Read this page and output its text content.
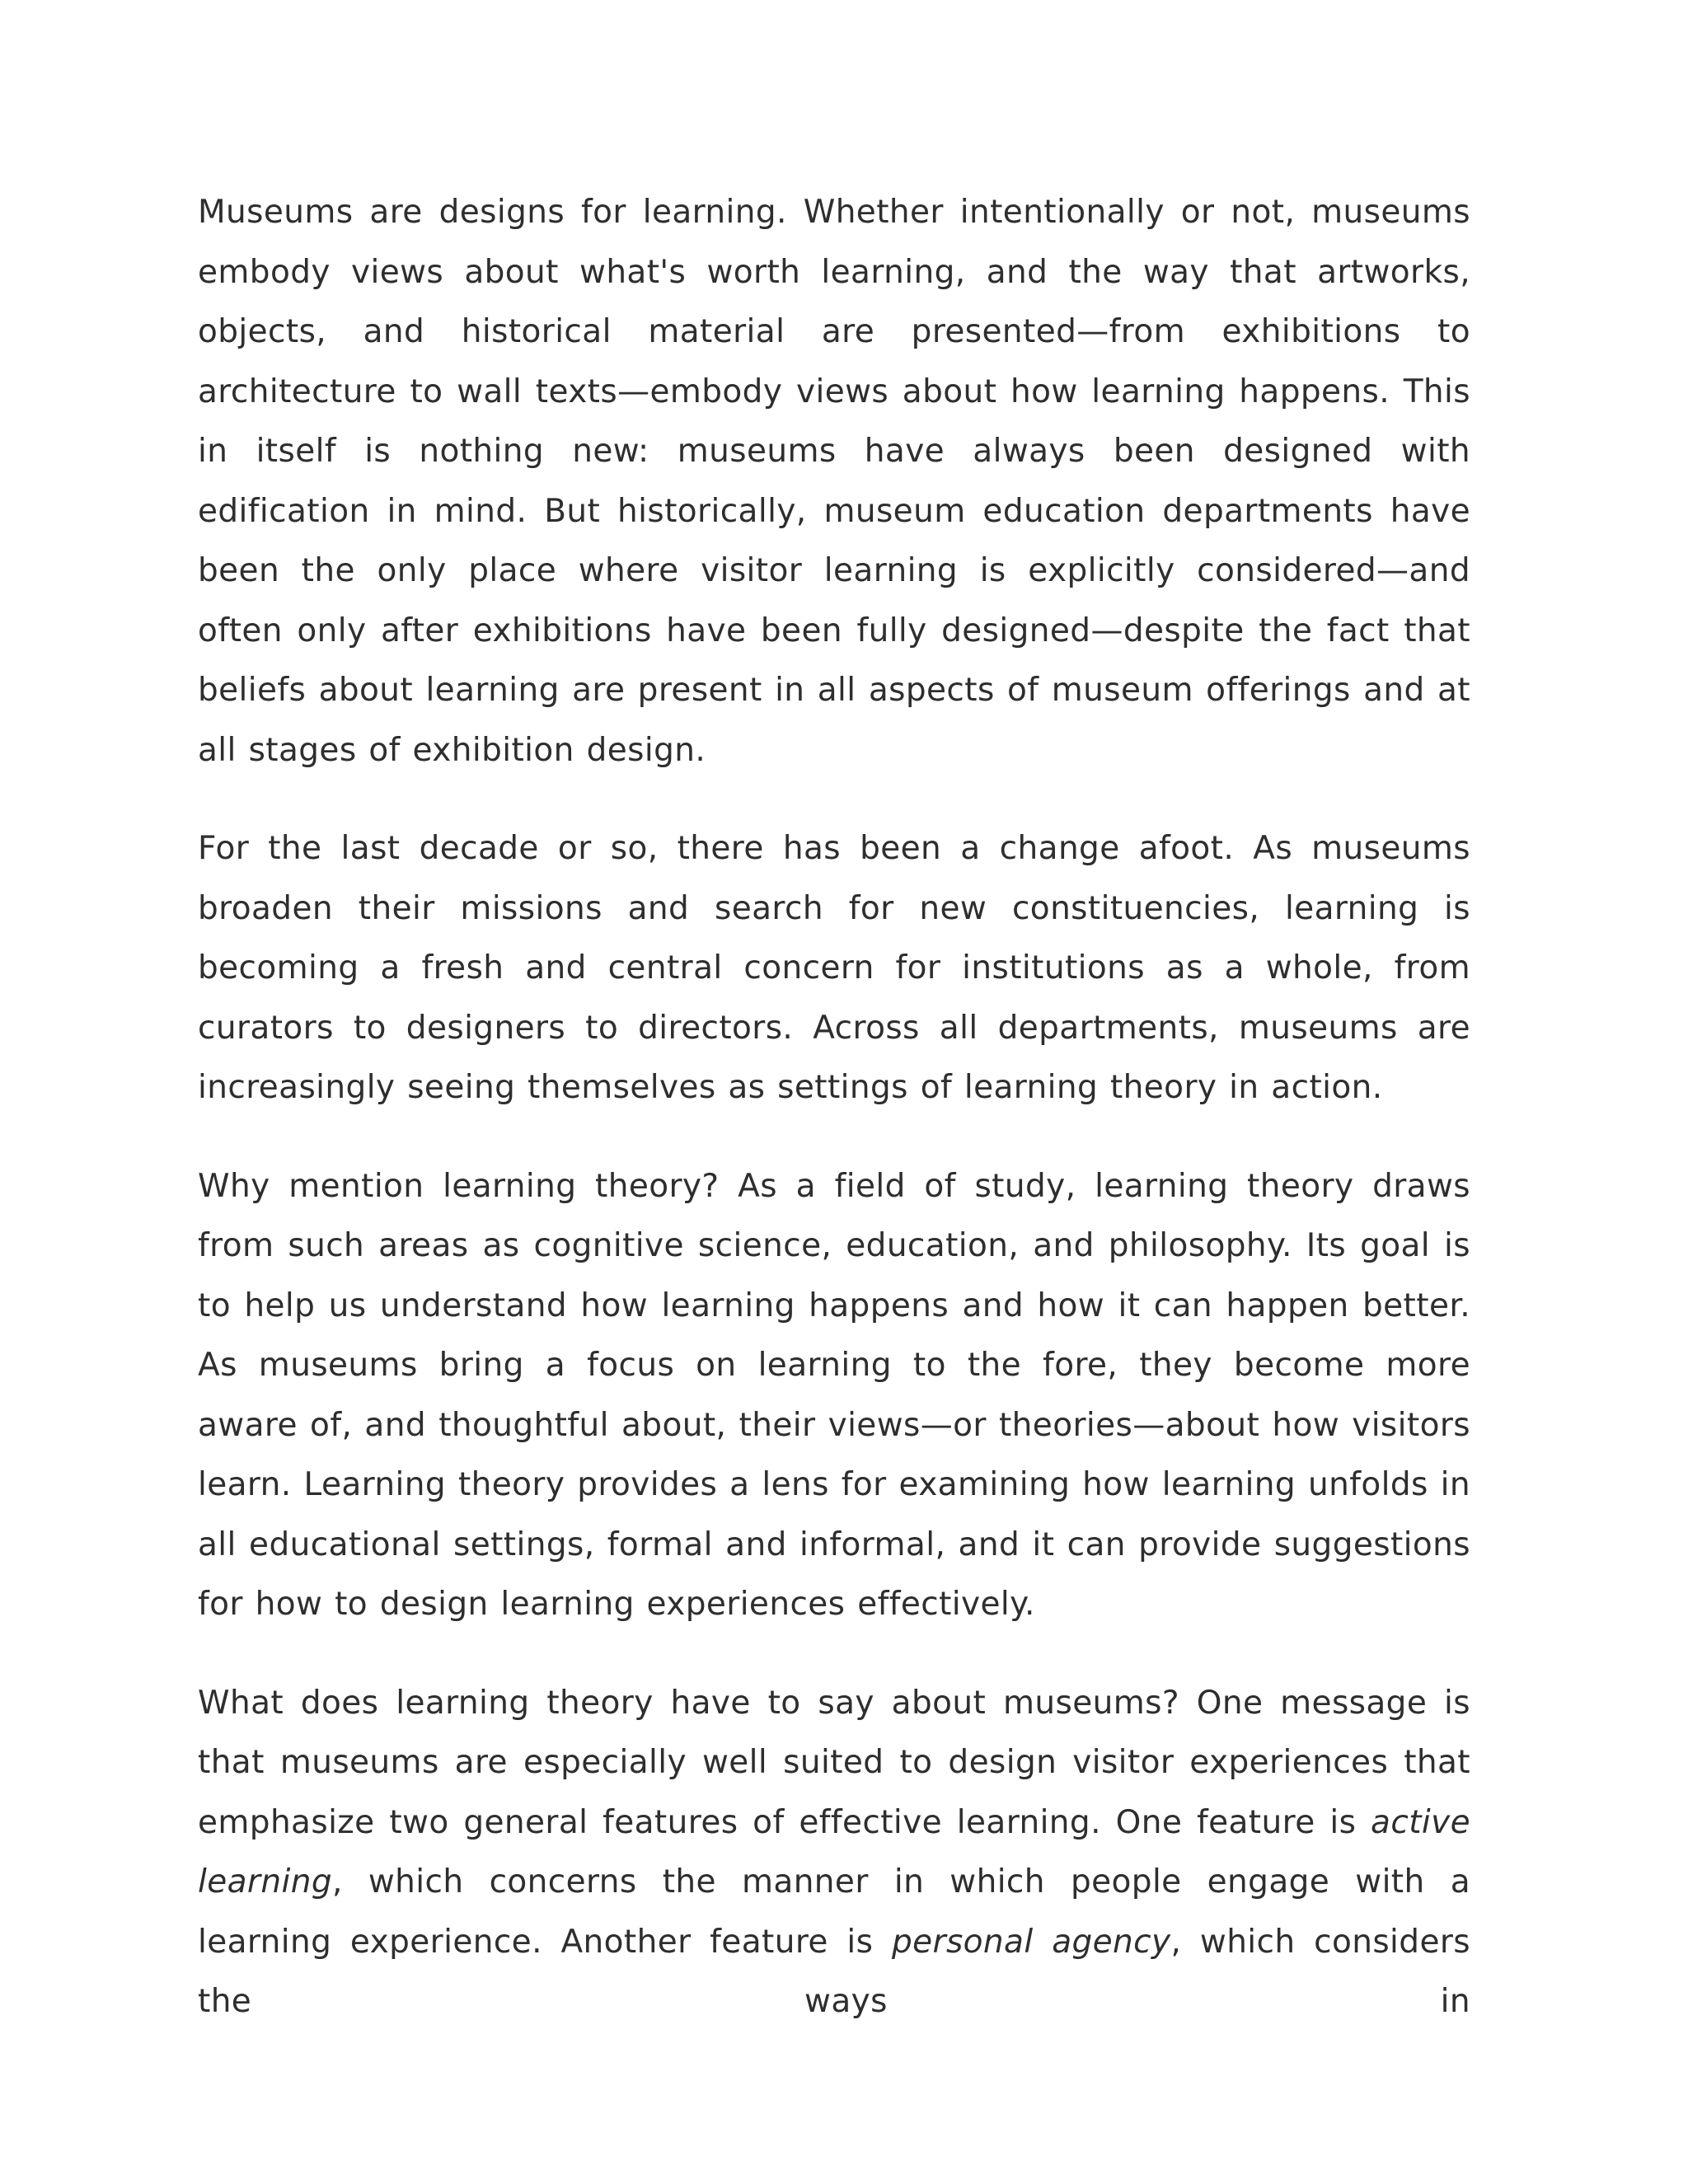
Museums are designs for learning. Whether intentionally or not, museums embody views about what's worth learning, and the way that artworks, objects, and historical material are presented—from exhibitions to architecture to wall texts—embody views about how learning happens. This in itself is nothing new: museums have always been designed with edification in mind. But historically, museum education departments have been the only place where visitor learning is explicitly considered—and often only after exhibitions have been fully designed—despite the fact that beliefs about learning are present in all aspects of museum offerings and at all stages of exhibition design.

For the last decade or so, there has been a change afoot. As museums broaden their missions and search for new constituencies, learning is becoming a fresh and central concern for institutions as a whole, from curators to designers to directors. Across all departments, museums are increasingly seeing themselves as settings of learning theory in action.

Why mention learning theory? As a field of study, learning theory draws from such areas as cognitive science, education, and philosophy. Its goal is to help us understand how learning happens and how it can happen better. As museums bring a focus on learning to the fore, they become more aware of, and thoughtful about, their views—or theories—about how visitors learn. Learning theory provides a lens for examining how learning unfolds in all educational settings, formal and informal, and it can provide suggestions for how to design learning experiences effectively.

What does learning theory have to say about museums? One message is that museums are especially well suited to design visitor experiences that emphasize two general features of effective learning. One feature is active learning, which concerns the manner in which people engage with a learning experience. Another feature is personal agency, which considers the ways in
